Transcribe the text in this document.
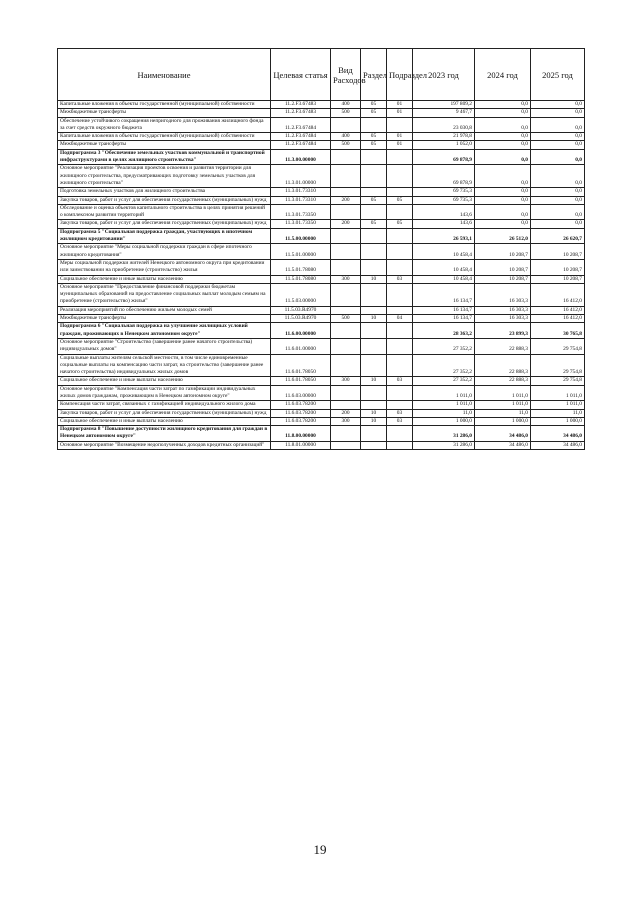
Наименование	Целевая статья	Вид Расходов	Раздел	Подраздел	2023 год	2024 год	2025 год
Капитальные вложения в объекты государственной (муниципальной) собственности	11.2.F3.67483	400	05	01	197 809,2	0,0	0,0
Межбюджетные трансферты	11.2.F3.67483	500	05	01	9 467,7	0,0	0,0
Обеспечение устойчивого сокращения непригодного для проживания жилищного фонда за счет средств окружного бюджета	11.2.F3.67484				23 030,8	0,0	0,0
Капитальные вложения в объекты государственной (муниципальной) собственности	11.2.F3.67484	400	05	01	21 978,8	0,0	0,0
Межбюджетные трансферты	11.2.F3.67484	500	05	01	1 052,0	0,0	0,0
Подпрограмма 3 "Обеспечение земельных участков коммунальной и транспортной инфраструктурами в целях жилищного строительства"	11.3.00.00000				69 878,9	0,0	0,0
Основное мероприятие "Реализация проектов освоения и развития территории для жилищного строительства, предусматривающих подготовку земельных участков для жилищного строительства"	11.3.01.00000				69 878,9	0,0	0,0
Подготовка земельных участков для жилищного строительства	11.3.01.73310				69 735,3	0,0	0,0
Закупка товаров, работ и услуг для обеспечения государственных (муниципальных) нужд	11.3.01.73310	200	05	05	69 735,3	0,0	0,0
Обследование и оценка объектов капитального строительства в целях принятия решений о комплексном развитии территорий	11.3.01.73350				143,6	0,0	0,0
Закупка товаров, работ и услуг для обеспечения государственных (муниципальных) нужд	11.3.01.73350	200	05	05	143,6	0,0	0,0
Подпрограмма 5 "Социальная поддержка граждан, участвующих в ипотечном жилищном кредитовании"	11.5.00.00000				26 593,1	26 512,0	26 620,7
Основное мероприятие "Меры социальной поддержки граждан в сфере ипотечного жилищного кредитования"	11.5.01.00000				10 458,4	10 208,7	10 208,7
Меры социальной поддержки жителей Ненецкого автономного округа при кредитовании или заимствовании на приобретение (строительство) жилья	11.5.01.78080				10 458,4	10 208,7	10 208,7
Социальное обеспечение и иные выплаты населению	11.5.01.78080	300	10	03	10 458,4	10 208,7	10 208,7
Основное мероприятие "Предоставление финансовой поддержки бюджетам муниципальных образований на предоставление социальных выплат молодым семьям на приобретение (строительство) жилья"	11.5.03.00000				16 134,7	16 303,3	16 412,0
Реализация мероприятий по обеспечению жильем молодых семей	11.5.03.R4970				16 134,7	16 303,3	16 412,0
Межбюджетные трансферты	11.5.03.R4970	500	10	04	16 134,7	16 303,3	16 412,0
Подпрограмма 6 "Социальная поддержка на улучшение жилищных условий граждан, проживающих в Ненецком автономном округе"	11.6.00.00000				28 363,2	23 899,3	30 765,8
Основное мероприятие "Строительство (завершение ранее начатого строительства) индивидуальных домов"	11.6.01.00000				27 352,2	22 888,3	29 754,8
Социальные выплаты жителям сельской местности, в том числе единовременные социальные выплаты на компенсацию части затрат, на строительство (завершение ранее начатого строительства) индивидуальных жилых домов	11.6.01.78050				27 352,2	22 888,3	29 754,8
Социальное обеспечение и иные выплаты населению	11.6.01.78050	300	10	03	27 352,2	22 888,3	29 754,8
Основное мероприятие "Компенсация части затрат по газификации индивидуальных жилых домов гражданам, проживающим в Ненецком автономном округе"	11.6.03.00000				1 011,0	1 011,0	1 011,0
Компенсация части затрат, связанных с газификацией индивидуального жилого дома	11.6.03.78200				1 011,0	1 011,0	1 011,0
Закупка товаров, работ и услуг для обеспечения государственных (муниципальных) нужд	11.6.03.78200	200	10	03	11,0	11,0	11,0
Социальное обеспечение и иные выплаты населению	11.6.03.78200	300	10	03	1 000,0	1 000,0	1 000,0
Подпрограмма 8 "Повышение доступности жилищного кредитования для граждан в Ненецком автономном округе"	11.8.00.00000				31 286,0	34 486,0	34 486,0
Основное мероприятие "Возмещение недополученных доходов кредитных организаций"	11.8.01.00000				31 286,0	34 486,0	34 486,0
19
